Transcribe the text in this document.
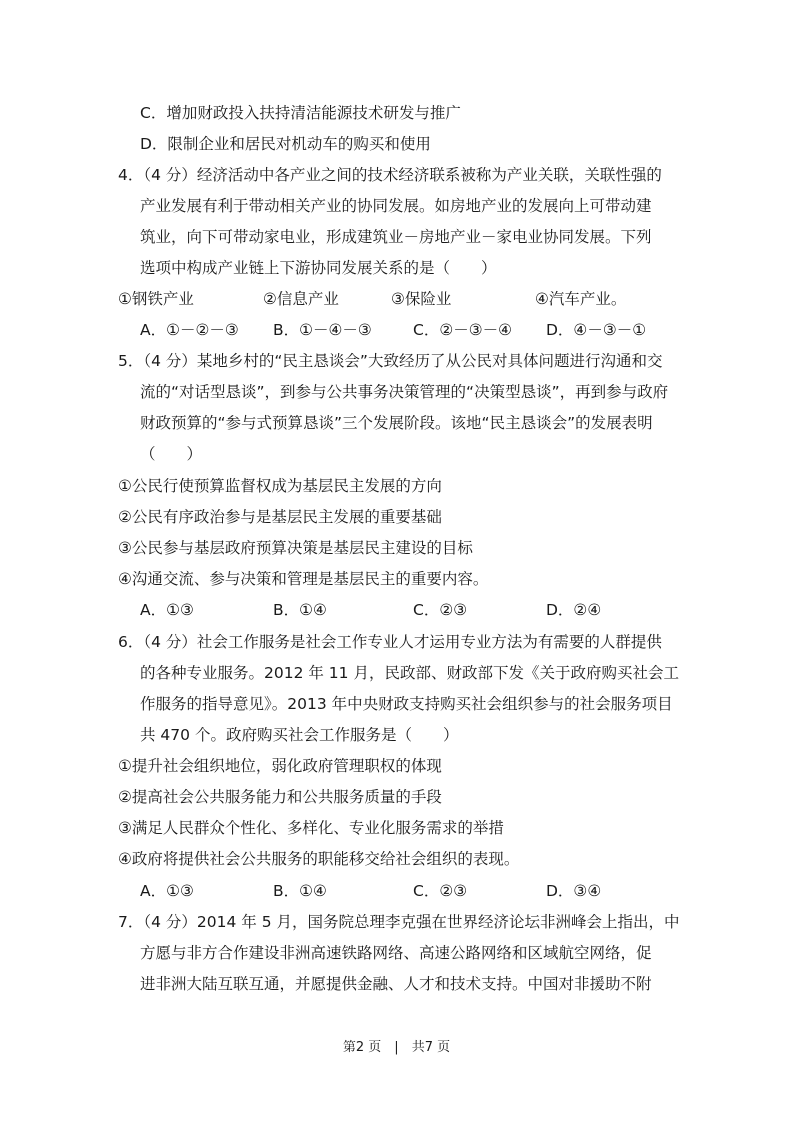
C．增加财政投入扶持清洁能源技术研发与推广
D．限制企业和居民对机动车的购买和使用
4．（4 分）经济活动中各产业之间的技术经济联系被称为产业关联，关联性强的
产业发展有利于带动相关产业的协同发展。如房地产业的发展向上可带动建
筑业，向下可带动家电业，形成建筑业－房地产业－家电业协同发展。下列
选项中构成产业链上下游协同发展关系的是（　　）
①钢铁产业	②信息产业	③保险业	④汽车产业。
A．①－②－③ B．①－④－③	C．②－③－④ D．④－③－①
5．（4 分）某地乡村的“民主恳谈会”大致经历了从公民对具体问题进行沟通和交
流的“对话型恳谈”，到参与公共事务决策管理的“决策型恳谈”，再到参与政府
财政预算的“参与式预算恳谈”三个发展阶段。该地“民主恳谈会”的发展表明
（　　）
①公民行使预算监督权成为基层民主发展的方向
②公民有序政治参与是基层民主发展的重要基础
③公民参与基层政府预算决策是基层民主建设的目标
④沟通交流、参与决策和管理是基层民主的重要内容。
A．①③	B．①④	C．②③	D．②④
6．（4 分）社会工作服务是社会工作专业人才运用专业方法为有需要的人群提供
的各种专业服务。2012 年 11 月，民政部、财政部下发《关于政府购买社会工
作服务的指导意见》。2013 年中央财政支持购买社会组织参与的社会服务项目
共 470 个。政府购买社会工作服务是（　　）
①提升社会组织地位，弱化政府管理职权的体现
②提高社会公共服务能力和公共服务质量的手段
③满足人民群众个性化、多样化、专业化服务需求的举措
④政府将提供社会公共服务的职能移交给社会组织的表现。
A．①③	B．①④	C．②③	D．③④
7．（4 分）2014 年 5 月，国务院总理李克强在世界经济论坛非洲峰会上指出，中
方愿与非方合作建设非洲高速铁路网络、高速公路网络和区域航空网络，促
进非洲大陆互联互通，并愿提供金融、人才和技术支持。中国对非援助不附
第2 页　|　共7 页
